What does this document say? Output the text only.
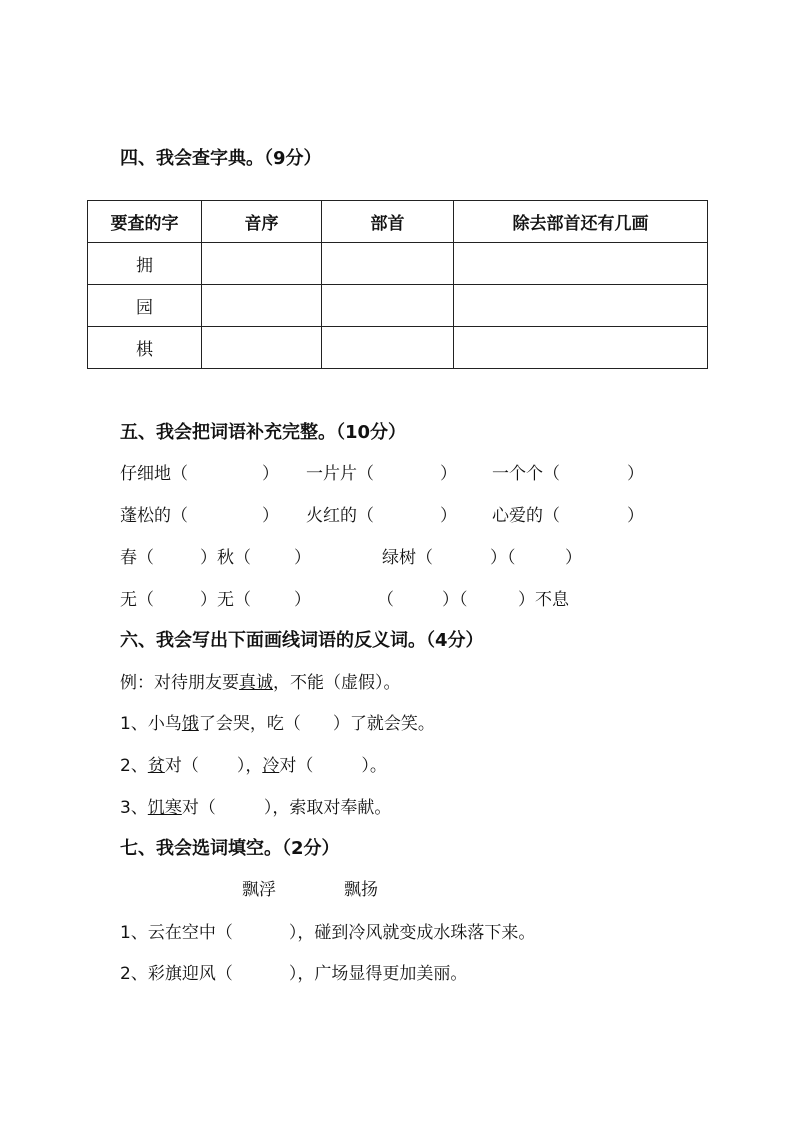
四、我会查字典。（9分）
要查的字	音序	部首	除去部首还有几画
拥			
园			
棋			
五、我会把词语补充完整。（10分）
仔细地（	） 一片片（	） 一个个（	）
蓬松的（	） 火红的（	） 心爱的（	）
春（	）秋（	）	绿树（	）（	）
无（	）无（	）	（	）（	）不息
六、我会写出下面画线词语的反义词。（4分）
例：对待朋友要真诚，不能（虚假）。
1、小鸟饿了会哭，吃（ ）了就会笑。
2、贫对（ ），冷对（	）。
3、饥寒对（	），索取对奉献。
七、我会选词填空。（2分）
飘浮	飘扬
1、云在空中（	），碰到冷风就变成水珠落下来。
2、彩旗迎风（	），广场显得更加美丽。
